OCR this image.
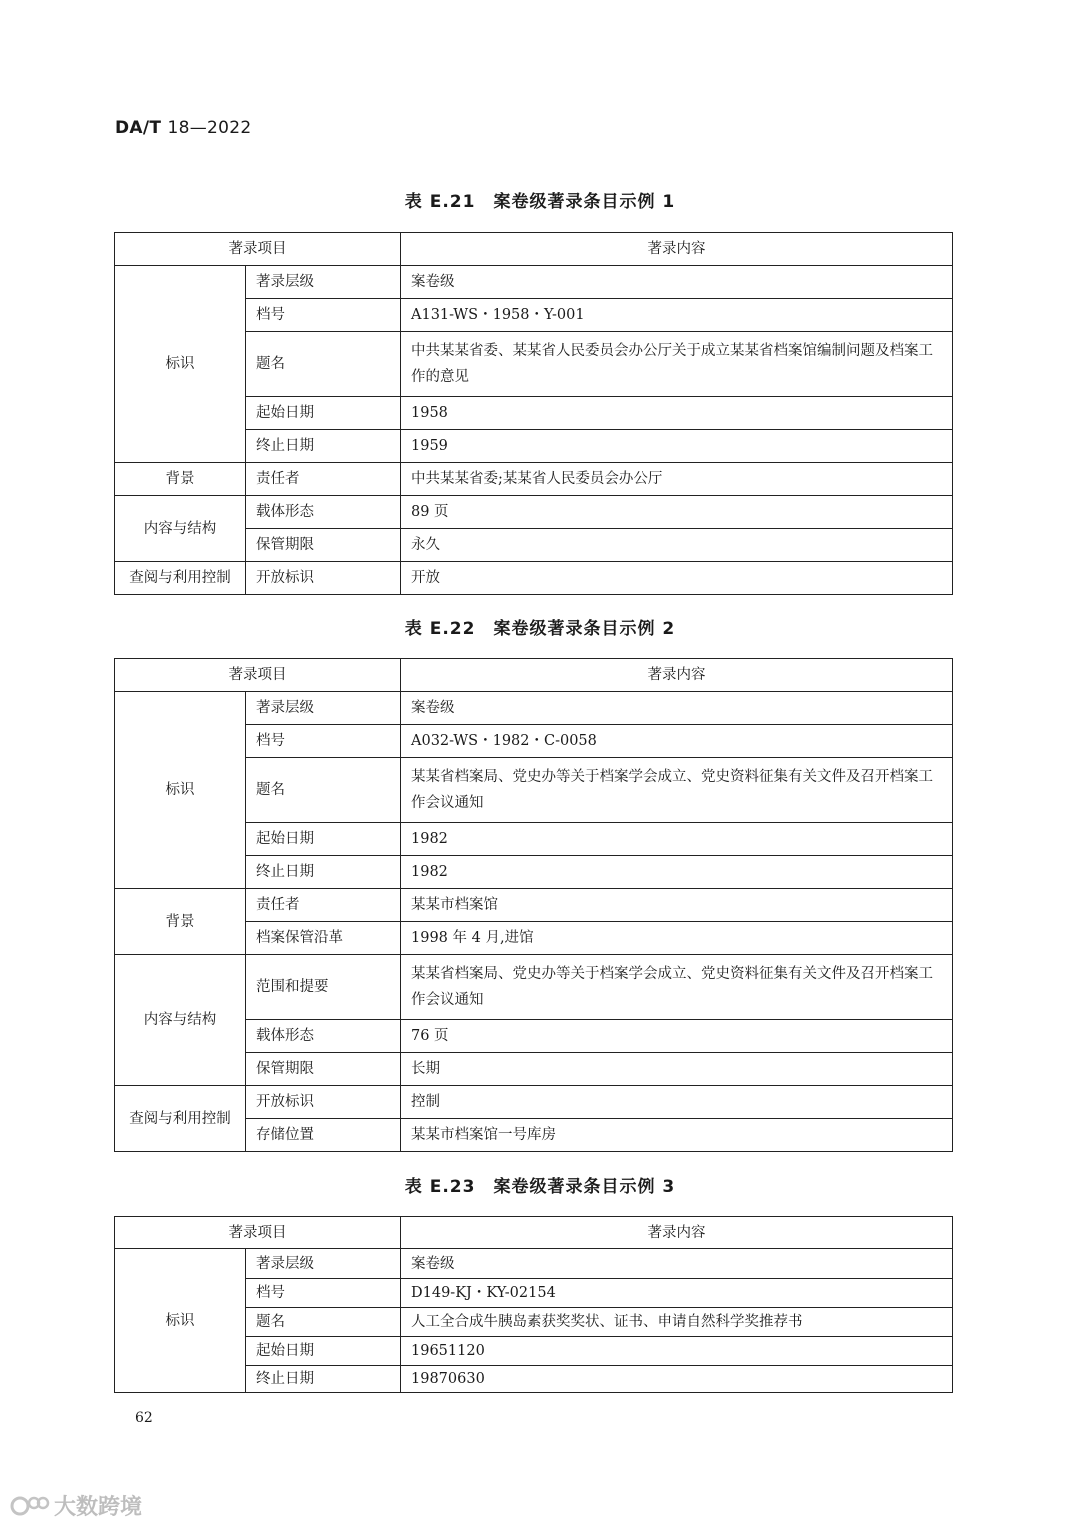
DA/T 18—2022
表 E.21 案卷级著录条目示例 1
著录项目		著录内容
标识	著录层级	案卷级
	档号	A131-WS・1958・Y-001
	题名	中共某某省委、某某省人民委员会办公厅关于成立某某省档案馆编制问题及档案工作的意见
	起始日期	1958
	终止日期	1959
背景	责任者	中共某某省委;某某省人民委员会办公厅
内容与结构	载体形态	89 页
	保管期限	永久
查阅与利用控制	开放标识	开放
表 E.22 案卷级著录条目示例 2
著录项目		著录内容
标识	著录层级	案卷级
	档号	A032-WS・1982・C-0058
	题名	某某省档案局、党史办等关于档案学会成立、党史资料征集有关文件及召开档案工作会议通知
	起始日期	1982
	终止日期	1982
背景	责任者	某某市档案馆
	档案保管沿革	1998 年 4 月,进馆
内容与结构	范围和提要	某某省档案局、党史办等关于档案学会成立、党史资料征集有关文件及召开档案工作会议通知
	载体形态	76 页
	保管期限	长期
查阅与利用控制	开放标识	控制
	存储位置	某某市档案馆一号库房
表 E.23 案卷级著录条目示例 3
著录项目		著录内容
标识	著录层级	案卷级
	档号	D149-KJ・KY-02154
	题名	人工全合成牛胰岛素获奖奖状、证书、申请自然科学奖推荐书
	起始日期	19651120
	终止日期	19870630
62
大数跨境
